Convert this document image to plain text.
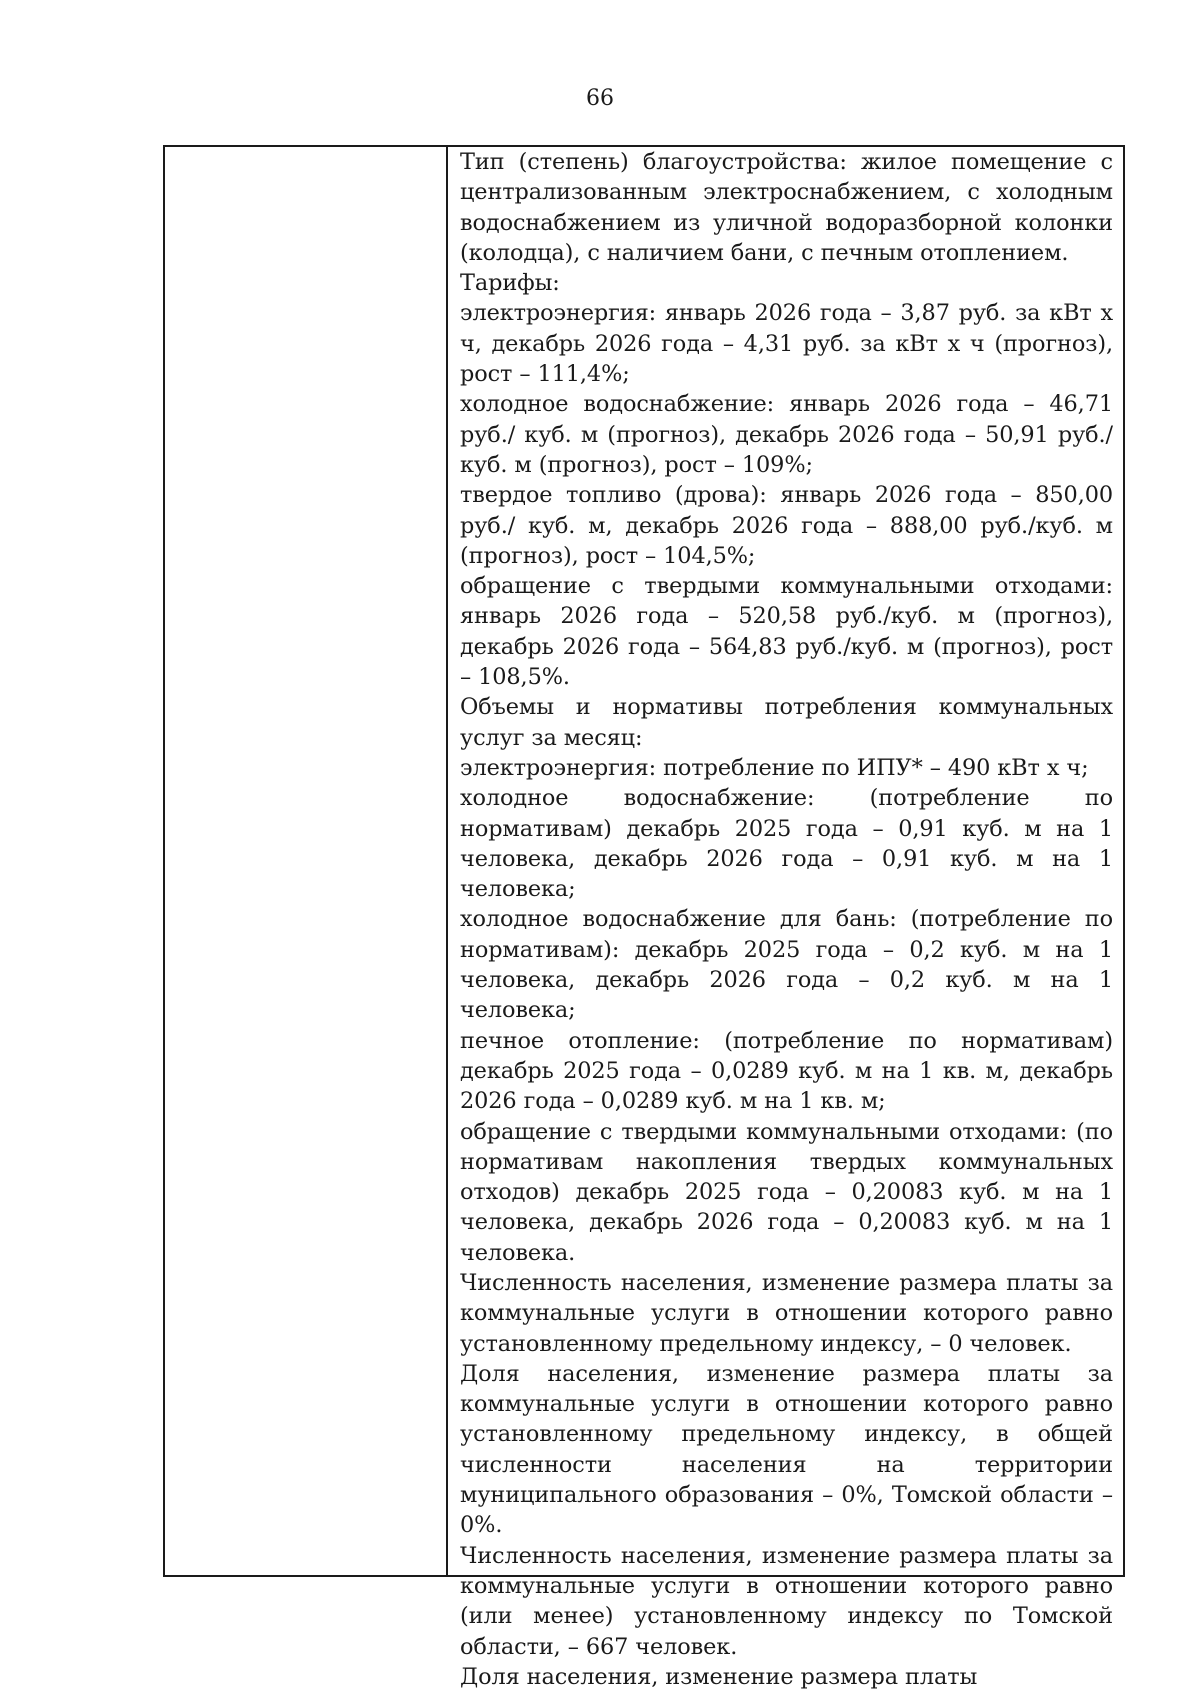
66

Тип (степень) благоустройства: жилое помещение с централизованным электроснабжением, с холодным водоснабжением из уличной водоразборной колонки (колодца), с наличием бани, с печным отоплением.

Тарифы:

электроэнергия: январь 2026 года – 3,87 руб. за кВт х ч, декабрь 2026 года – 4,31 руб. за кВт х ч (прогноз), рост – 111,4%;

холодное водоснабжение: январь 2026 года – 46,71 руб./ куб. м (прогноз), декабрь 2026 года – 50,91 руб./куб. м (прогноз), рост – 109%;

твердое топливо (дрова): январь 2026 года – 850,00 руб./ куб. м, декабрь 2026 года – 888,00 руб./куб. м (прогноз), рост – 104,5%;

обращение с твердыми коммунальными отходами: январь 2026 года – 520,58 руб./куб. м (прогноз), декабрь 2026 года – 564,83 руб./куб. м (прогноз), рост – 108,5%.

Объемы и нормативы потребления коммунальных услуг за месяц:

электроэнергия: потребление по ИПУ* – 490 кВт х ч;

холодное водоснабжение: (потребление по нормативам) декабрь 2025 года – 0,91 куб. м на 1 человека, декабрь 2026 года – 0,91 куб. м на 1 человека;

холодное водоснабжение для бань: (потребление по нормативам): декабрь 2025 года – 0,2 куб. м на 1 человека, декабрь 2026 года – 0,2 куб. м на 1 человека;

печное отопление: (потребление по нормативам) декабрь 2025 года – 0,0289 куб. м на 1 кв. м, декабрь 2026 года – 0,0289 куб. м на 1 кв. м;

обращение с твердыми коммунальными отходами: (по нормативам накопления твердых коммунальных отходов) декабрь 2025 года – 0,20083 куб. м на 1 человека, декабрь 2026 года – 0,20083 куб. м на 1 человека.

Численность населения, изменение размера платы за коммунальные услуги в отношении которого равно установленному предельному индексу, – 0 человек.

Доля населения, изменение размера платы за коммунальные услуги в отношении которого равно установленному предельному индексу, в общей численности населения на территории муниципального образования – 0%, Томской области – 0%.

Численность населения, изменение размера платы за коммунальные услуги в отношении которого равно (или менее) установленному индексу по Томской области, – 667 человек.

Доля населения, изменение размера платы
